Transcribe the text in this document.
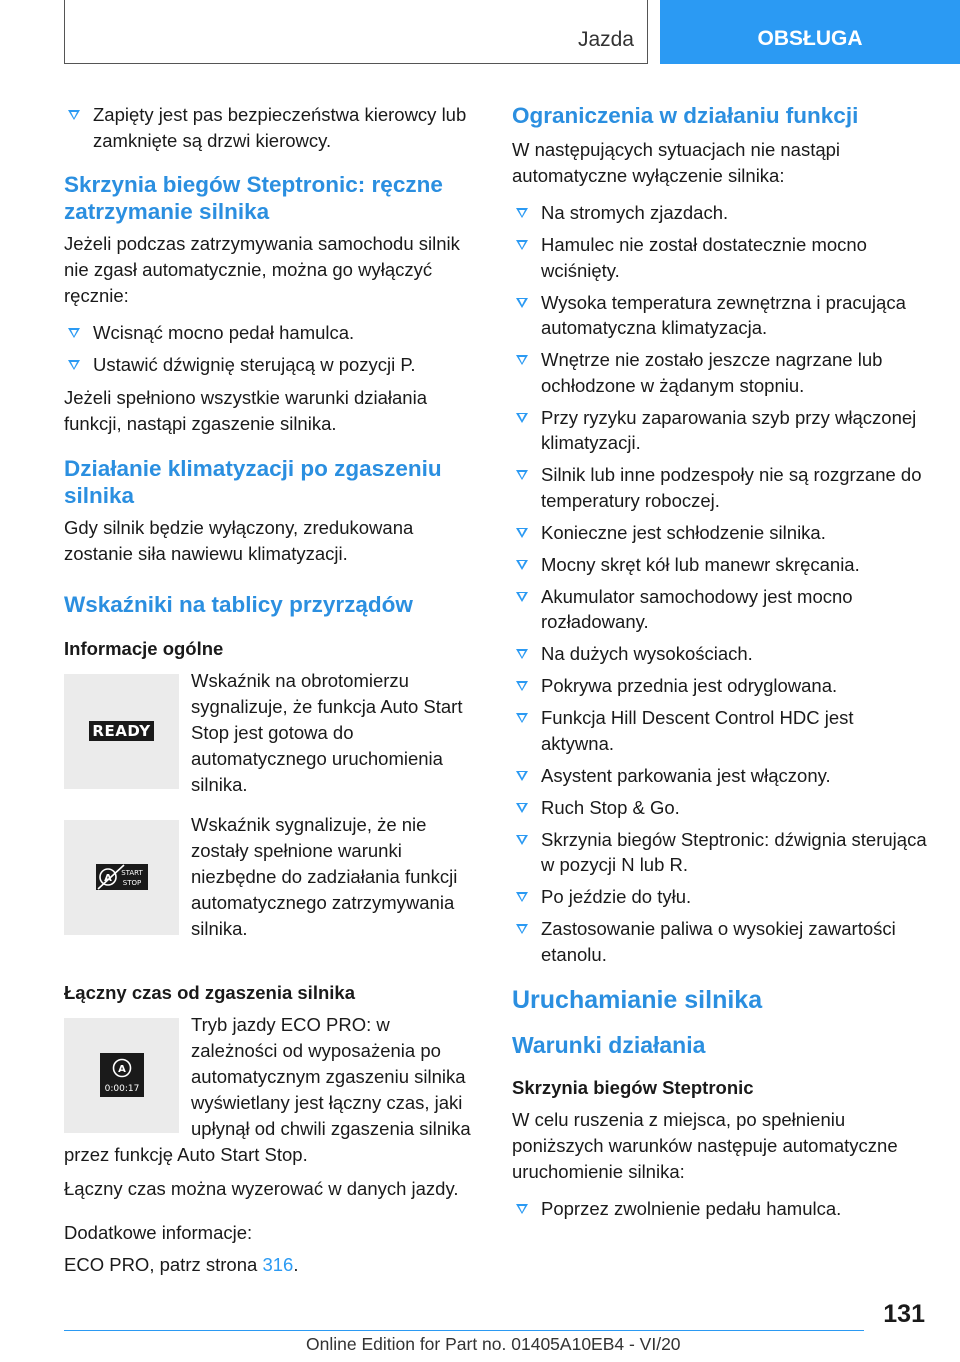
Jazda	OBSŁUGA
Zapięty jest pas bezpieczeństwa kierowcy lub zamknięte są drzwi kierowcy.
Skrzynia biegów Steptronic: ręczne zatrzymanie silnika

Jeżeli podczas zatrzymywania samochodu silnik nie zgasł automatycznie, można go wyłączyć ręcznie:

Wcisnąć mocno pedał hamulca.
Ustawić dźwignię sterującą w pozycji P.

Jeżeli spełniono wszystkie warunki działania funkcji, nastąpi zgaszenie silnika.

Działanie klimatyzacji po zgaszeniu silnika

Gdy silnik będzie wyłączony, zredukowana zostanie siła nawiewu klimatyzacji.

Wskaźniki na tablicy przyrządów
Informacje ogólne
READY
Wskaźnik na obrotomierzu sygnalizuje, że funkcja Auto Start Stop jest gotowa do automatycznego uruchomienia silnika.
A START
STOP
Wskaźnik sygnalizuje, że nie zostały spełnione warunki niezbędne do zadziałania funkcji automatycznego zatrzymywania silnika.
Łączny czas od zgaszenia silnika
A
0:00:17
Tryb jazdy ECO PRO: w zależności od wyposażenia po automatycznym zgaszeniu silnika wyświetlany jest łączny czas, jaki upłynął od chwili zgaszenia silnika przez funkcję Auto Start Stop.

Łączny czas można wyzerować w danych jazdy.

Dodatkowe informacje:

ECO PRO, patrz strona 316.

Ograniczenia w działaniu funkcji

W następujących sytuacjach nie nastąpi automatyczne wyłączenie silnika:

Na stromych zjazdach.
Hamulec nie został dostatecznie mocno wciśnięty.
Wysoka temperatura zewnętrzna i pracująca automatyczna klimatyzacja.
Wnętrze nie zostało jeszcze nagrzane lub ochłodzone w żądanym stopniu.
Przy ryzyku zaparowania szyb przy włączonej klimatyzacji.
Silnik lub inne podzespoły nie są rozgrzane do temperatury roboczej.
Konieczne jest schłodzenie silnika.
Mocny skręt kół lub manewr skręcania.
Akumulator samochodowy jest mocno rozładowany.
Na dużych wysokościach.
Pokrywa przednia jest odryglowana.
Funkcja Hill Descent Control HDC jest aktywna.
Asystent parkowania jest włączony.
Ruch Stop & Go.
Skrzynia biegów Steptronic: dźwignia sterująca w pozycji N lub R.
Po jeździe do tyłu.
Zastosowanie paliwa o wysokiej zawartości etanolu.
Uruchamianie silnika
Warunki działania
Skrzynia biegów Steptronic

W celu ruszenia z miejsca, po spełnieniu poniższych warunków następuje automatyczne uruchomienie silnika:

Poprzez zwolnienie pedału hamulca.
131
Online Edition for Part no. 01405A10EB4 - VI/20
